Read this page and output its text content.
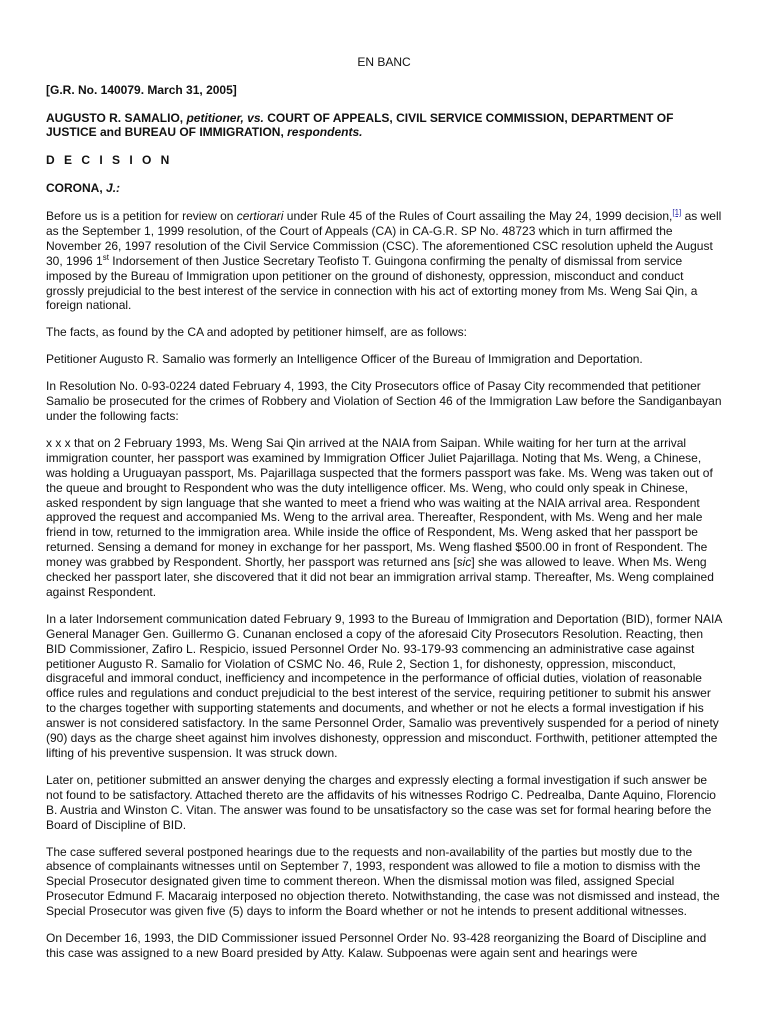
EN BANC
[G.R. No. 140079. March 31, 2005]
AUGUSTO R. SAMALIO, petitioner, vs. COURT OF APPEALS, CIVIL SERVICE COMMISSION, DEPARTMENT OF JUSTICE and BUREAU OF IMMIGRATION, respondents.
D E C I S I O N
CORONA, J.:

Before us is a petition for review on certiorari under Rule 45 of the Rules of Court assailing the May 24, 1999 decision,[1] as well as the September 1, 1999 resolution, of the Court of Appeals (CA) in CA-G.R. SP No. 48723 which in turn affirmed the November 26, 1997 resolution of the Civil Service Commission (CSC). The aforementioned CSC resolution upheld the August 30, 1996 1st Indorsement of then Justice Secretary Teofisto T. Guingona confirming the penalty of dismissal from service imposed by the Bureau of Immigration upon petitioner on the ground of dishonesty, oppression, misconduct and conduct grossly prejudicial to the best interest of the service in connection with his act of extorting money from Ms. Weng Sai Qin, a foreign national.

The facts, as found by the CA and adopted by petitioner himself, are as follows:

Petitioner Augusto R. Samalio was formerly an Intelligence Officer of the Bureau of Immigration and Deportation.

In Resolution No. 0-93-0224 dated February 4, 1993, the City Prosecutors office of Pasay City recommended that petitioner Samalio be prosecuted for the crimes of Robbery and Violation of Section 46 of the Immigration Law before the Sandiganbayan under the following facts:

x x x that on 2 February 1993, Ms. Weng Sai Qin arrived at the NAIA from Saipan. While waiting for her turn at the arrival immigration counter, her passport was examined by Immigration Officer Juliet Pajarillaga. Noting that Ms. Weng, a Chinese, was holding a Uruguayan passport, Ms. Pajarillaga suspected that the formers passport was fake. Ms. Weng was taken out of the queue and brought to Respondent who was the duty intelligence officer. Ms. Weng, who could only speak in Chinese, asked respondent by sign language that she wanted to meet a friend who was waiting at the NAIA arrival area. Respondent approved the request and accompanied Ms. Weng to the arrival area. Thereafter, Respondent, with Ms. Weng and her male friend in tow, returned to the immigration area. While inside the office of Respondent, Ms. Weng asked that her passport be returned. Sensing a demand for money in exchange for her passport, Ms. Weng flashed $500.00 in front of Respondent. The money was grabbed by Respondent. Shortly, her passport was returned ans [sic] she was allowed to leave. When Ms. Weng checked her passport later, she discovered that it did not bear an immigration arrival stamp. Thereafter, Ms. Weng complained against Respondent.

In a later Indorsement communication dated February 9, 1993 to the Bureau of Immigration and Deportation (BID), former NAIA General Manager Gen. Guillermo G. Cunanan enclosed a copy of the aforesaid City Prosecutors Resolution. Reacting, then BID Commissioner, Zafiro L. Respicio, issued Personnel Order No. 93-179-93 commencing an administrative case against petitioner Augusto R. Samalio for Violation of CSMC No. 46, Rule 2, Section 1, for dishonesty, oppression, misconduct, disgraceful and immoral conduct, inefficiency and incompetence in the performance of official duties, violation of reasonable office rules and regulations and conduct prejudicial to the best interest of the service, requiring petitioner to submit his answer to the charges together with supporting statements and documents, and whether or not he elects a formal investigation if his answer is not considered satisfactory. In the same Personnel Order, Samalio was preventively suspended for a period of ninety (90) days as the charge sheet against him involves dishonesty, oppression and misconduct. Forthwith, petitioner attempted the lifting of his preventive suspension. It was struck down.

Later on, petitioner submitted an answer denying the charges and expressly electing a formal investigation if such answer be not found to be satisfactory. Attached thereto are the affidavits of his witnesses Rodrigo C. Pedrealba, Dante Aquino, Florencio B. Austria and Winston C. Vitan. The answer was found to be unsatisfactory so the case was set for formal hearing before the Board of Discipline of BID.

The case suffered several postponed hearings due to the requests and non-availability of the parties but mostly due to the absence of complainants witnesses until on September 7, 1993, respondent was allowed to file a motion to dismiss with the Special Prosecutor designated given time to comment thereon. When the dismissal motion was filed, assigned Special Prosecutor Edmund F. Macaraig interposed no objection thereto. Notwithstanding, the case was not dismissed and instead, the Special Prosecutor was given five (5) days to inform the Board whether or not he intends to present additional witnesses.

On December 16, 1993, the DID Commissioner issued Personnel Order No. 93-428 reorganizing the Board of Discipline and this case was assigned to a new Board presided by Atty. Kalaw. Subpoenas were again sent and hearings were
